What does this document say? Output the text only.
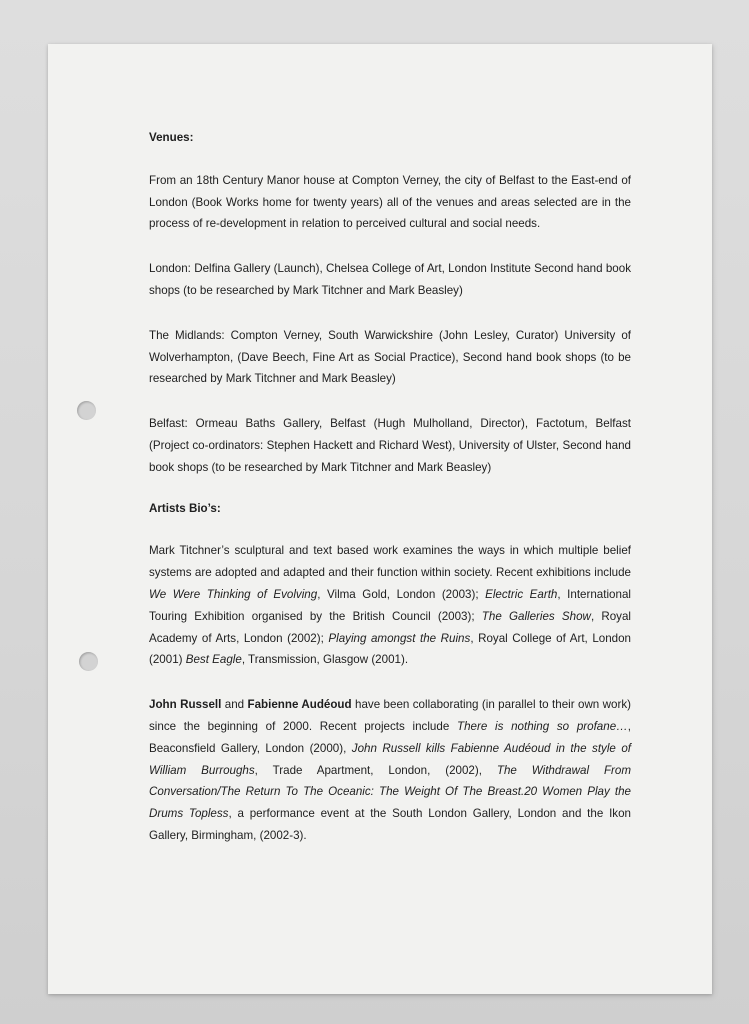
Venues:

From an 18th Century Manor house at Compton Verney, the city of Belfast to the East-end of London (Book Works home for twenty years) all of the venues and areas selected are in the process of re-development in relation to perceived cultural and social needs.

London: Delfina Gallery (Launch), Chelsea College of Art, London Institute Second hand book shops (to be researched by Mark Titchner and Mark Beasley)

The Midlands: Compton Verney, South Warwickshire (John Lesley, Curator) University of Wolverhampton, (Dave Beech, Fine Art as Social Practice), Second hand book shops (to be researched by Mark Titchner and Mark Beasley)

Belfast: Ormeau Baths Gallery, Belfast (Hugh Mulholland, Director), Factotum, Belfast (Project co-ordinators: Stephen Hackett and Richard West), University of Ulster, Second hand book shops (to be researched by Mark Titchner and Mark Beasley)

Artists Bio’s:

Mark Titchner’s sculptural and text based work examines the ways in which multiple belief systems are adopted and adapted and their function within society. Recent exhibitions include We Were Thinking of Evolving, Vilma Gold, London (2003); Electric Earth, International Touring Exhibition organised by the British Council (2003); The Galleries Show, Royal Academy of Arts, London (2002); Playing amongst the Ruins, Royal College of Art, London (2001) Best Eagle, Transmission, Glasgow (2001).

John Russell and Fabienne Audéoud have been collaborating (in parallel to their own work) since the beginning of 2000. Recent projects include There is nothing so profane…, Beaconsfield Gallery, London (2000), John Russell kills Fabienne Audéoud in the style of William Burroughs, Trade Apartment, London, (2002), The Withdrawal From Conversation/The Return To The Oceanic: The Weight Of The Breast.20 Women Play the Drums Topless, a performance event at the South London Gallery, London and the Ikon Gallery, Birmingham, (2002-3).
